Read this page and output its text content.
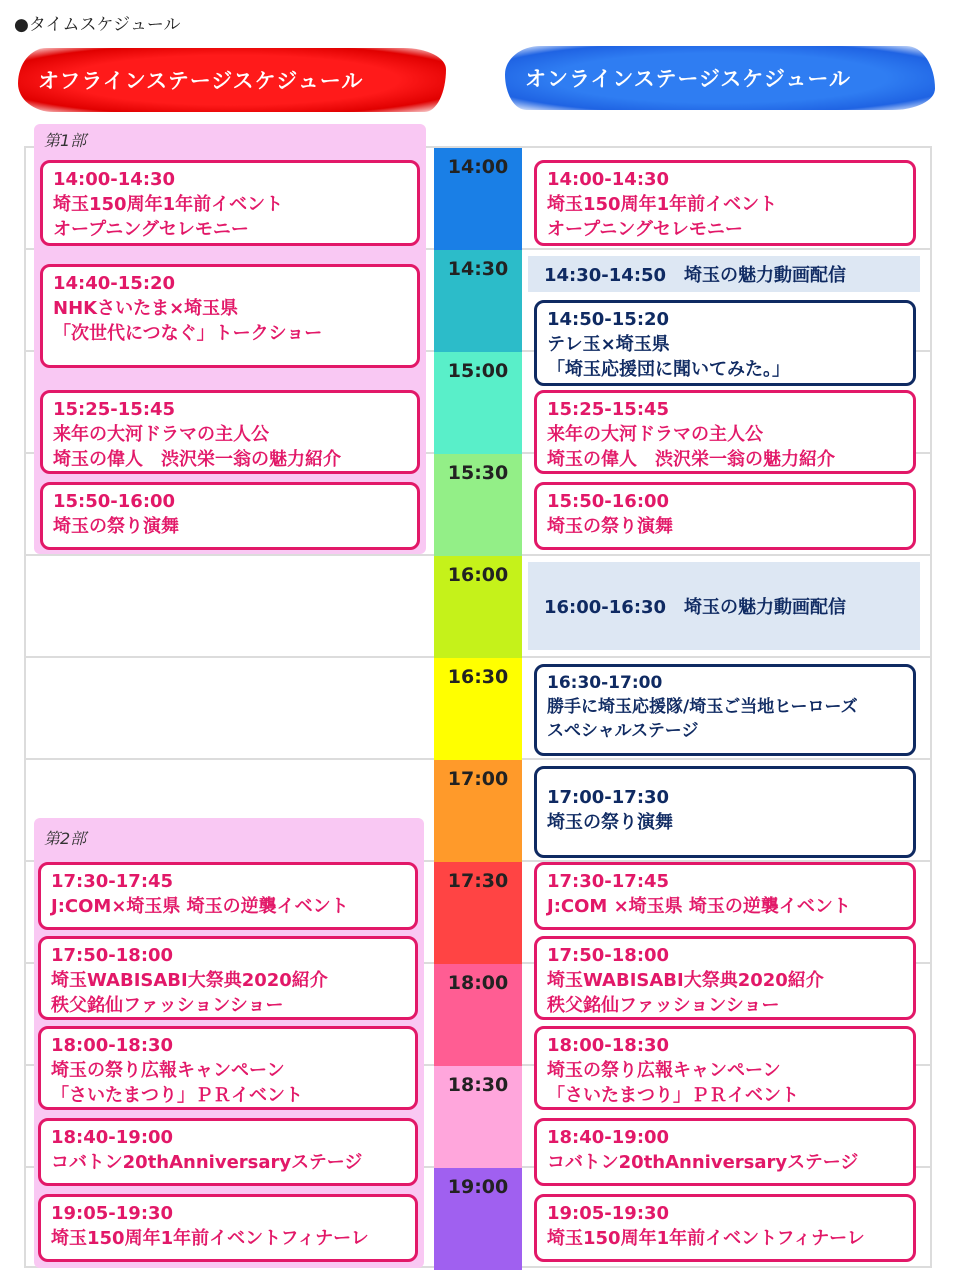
●タイムスケジュール
オフラインステージスケジュール	オンラインステージスケジュール
第1部
第2部
14:00
14:30
15:00
15:30
16:00
16:30
17:00
17:30
18:00
18:30
19:00
14:00-14:30
埼玉150周年1年前イベント
オープニングセレモニー
14:40-15:20
NHKさいたま×埼玉県
「次世代につなぐ」トークショー
15:25-15:45
来年の大河ドラマの主人公
埼玉の偉人　渋沢栄一翁の魅力紹介
15:50-16:00
埼玉の祭り演舞
17:30-17:45
J:COM×埼玉県 埼玉の逆襲イベント
17:50-18:00
埼玉WABISABI大祭典2020紹介
秩父銘仙ファッションショー
18:00-18:30
埼玉の祭り広報キャンペーン
「さいたまつり」ＰＲイベント
18:40-19:00
コバトン20thAnniversaryステージ
19:05-19:30
埼玉150周年1年前イベントフィナーレ
14:00-14:30
埼玉150周年1年前イベント
オープニングセレモニー
14:30-14:50　埼玉の魅力動画配信
14:50-15:20
テレ玉×埼玉県
「埼玉応援団に聞いてみた。」
15:25-15:45
来年の大河ドラマの主人公
埼玉の偉人　渋沢栄一翁の魅力紹介
15:50-16:00
埼玉の祭り演舞
16:00-16:30　埼玉の魅力動画配信
16:30-17:00
勝手に埼玉応援隊/埼玉ご当地ヒーローズ
スペシャルステージ
17:00-17:30
埼玉の祭り演舞
17:30-17:45
J:COM ×埼玉県 埼玉の逆襲イベント
17:50-18:00
埼玉WABISABI大祭典2020紹介
秩父銘仙ファッションショー
18:00-18:30
埼玉の祭り広報キャンペーン
「さいたまつり」ＰＲイベント
18:40-19:00
コバトン20thAnniversaryステージ
19:05-19:30
埼玉150周年1年前イベントフィナーレ
